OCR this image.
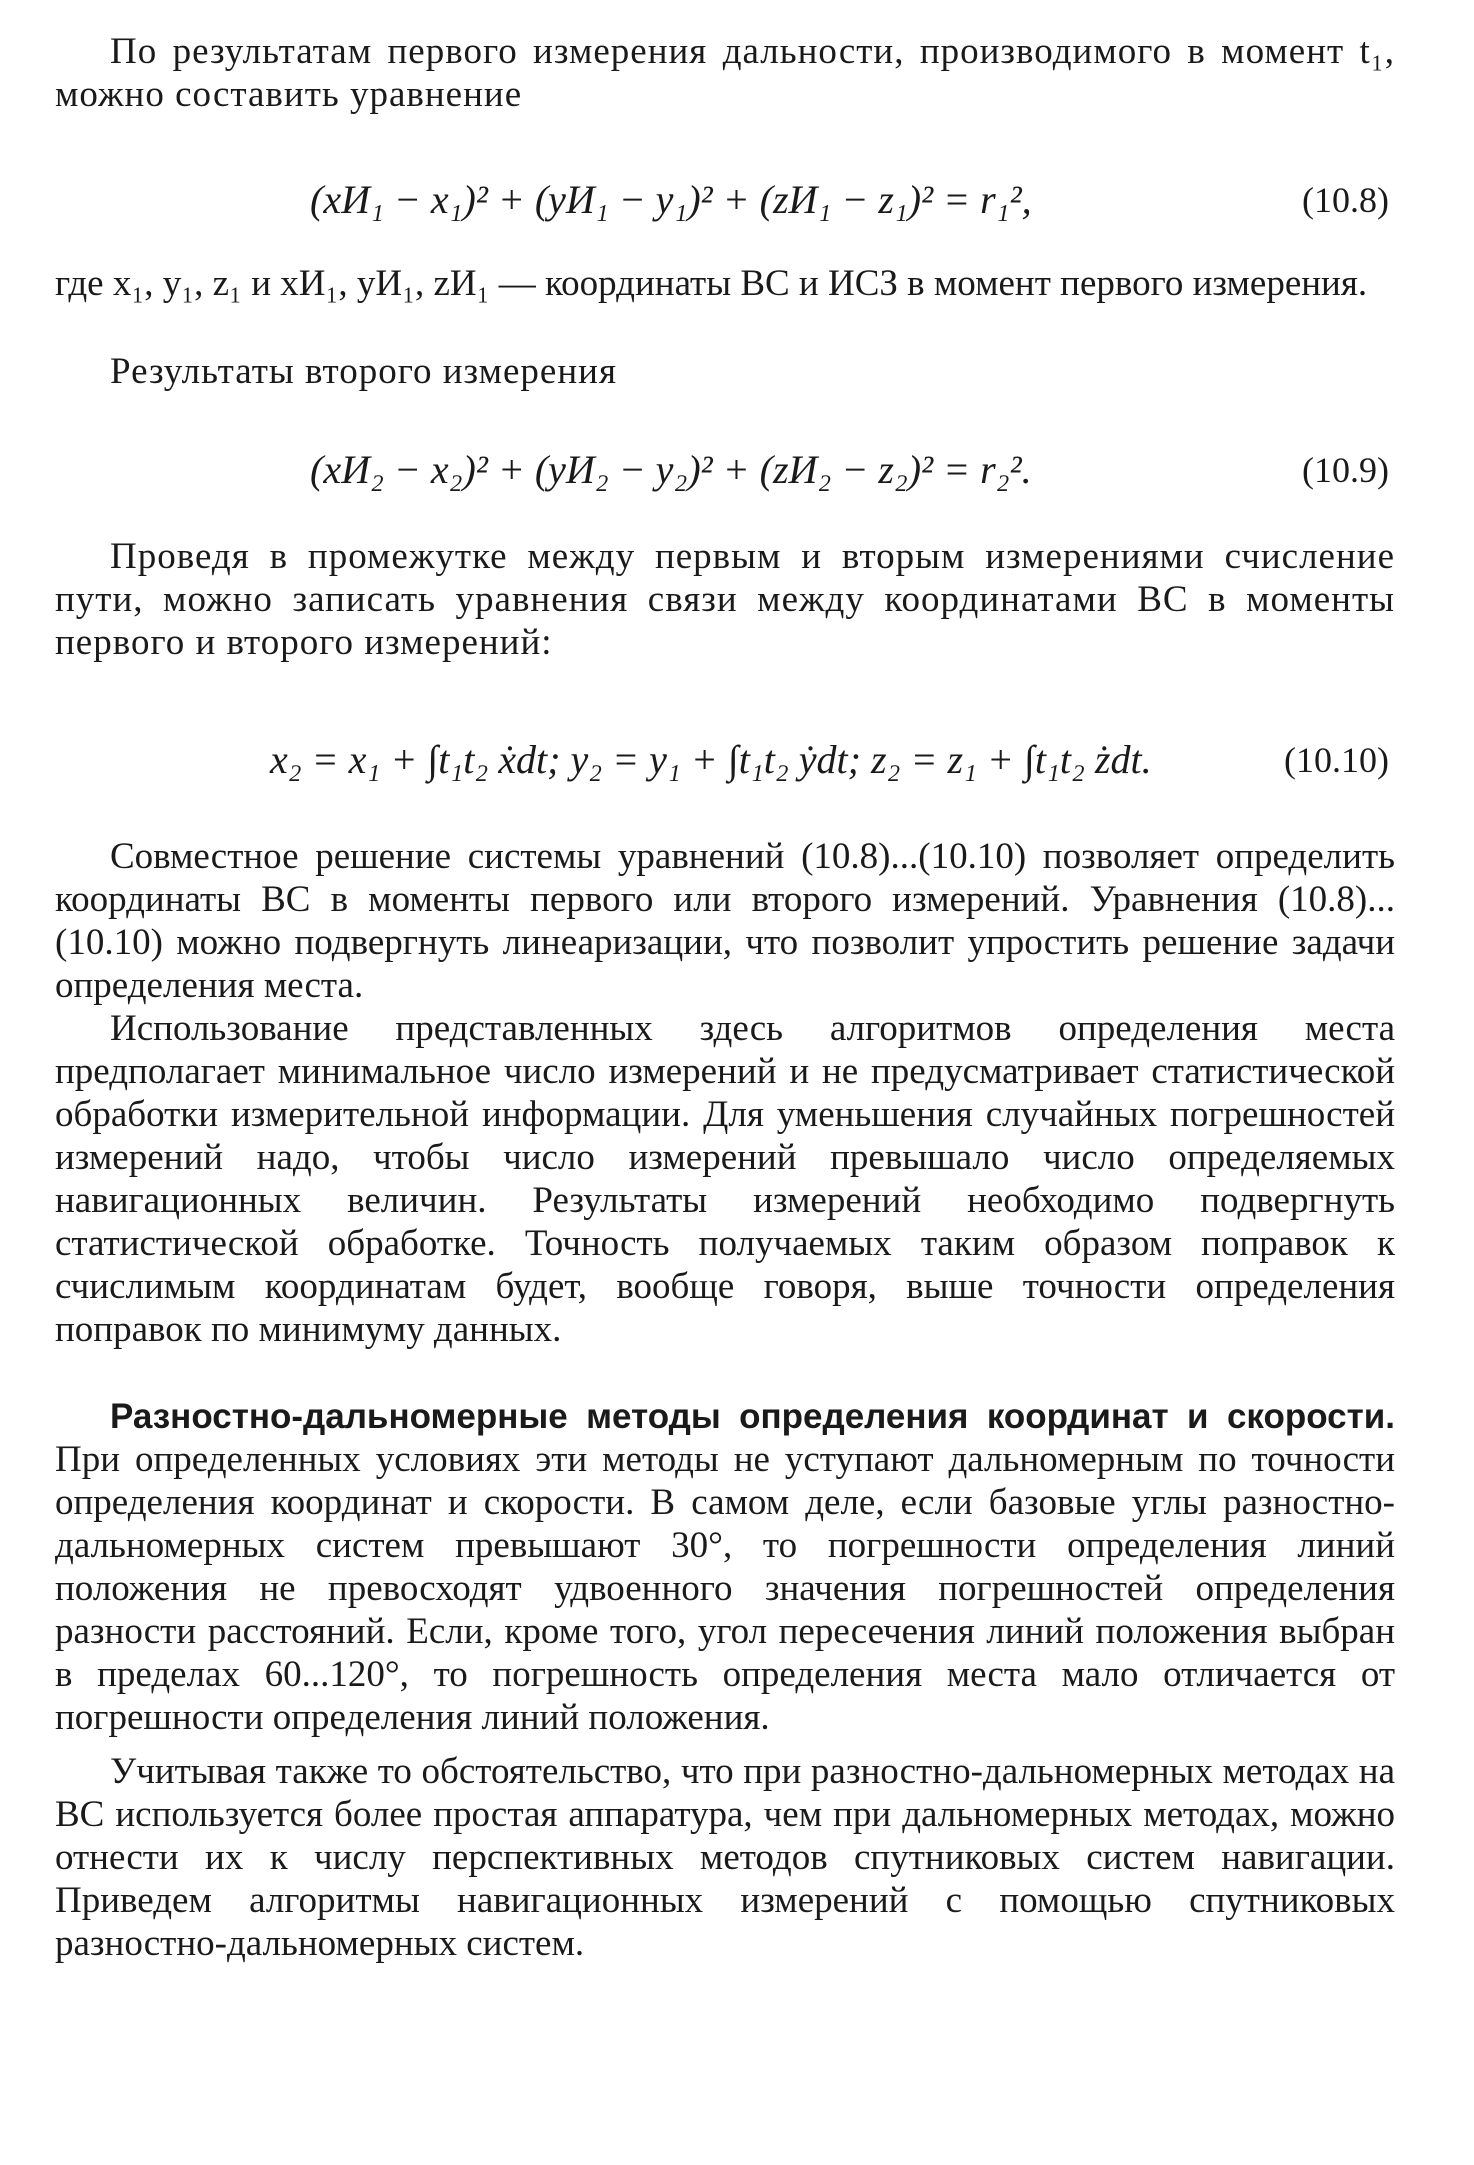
По результатам первого измерения дальности, производимого в момент t₁, можно составить уравнение

(xИ₁ − x₁)² + (yИ₁ − y₁)² + (zИ₁ − z₁)² = r₁²,	(10.8)

где x₁, y₁, z₁ и xИ₁, yИ₁, zИ₁ — координаты ВС и ИСЗ в момент первого измерения.

Результаты второго измерения

(xИ₂ − x₂)² + (yИ₂ − y₂)² + (zИ₂ − z₂)² = r₂².	(10.9)

Проведя в промежутке между первым и вторым измерениями счисление пути, можно записать уравнения связи между координатами ВС в моменты первого и второго измерений:

x₂ = x₁ + ∫t₁t₂ ẋdt; y₂ = y₁ + ∫t₁t₂ ẏdt; z₂ = z₁ + ∫t₁t₂ żdt.	(10.10)

Совместное решение системы уравнений (10.8)...(10.10) позволяет определить координаты ВС в моменты первого или второго измерений. Уравнения (10.8)...(10.10) можно подвергнуть линеаризации, что позволит упростить решение задачи определения места.

Использование представленных здесь алгоритмов определения места предполагает минимальное число измерений и не предусматривает статистической обработки измерительной информации. Для уменьшения случайных погрешностей измерений надо, чтобы число измерений превышало число определяемых навигационных величин. Результаты измерений необходимо подвергнуть статистической обработке. Точность получаемых таким образом поправок к счислимым координатам будет, вообще говоря, выше точности определения поправок по минимуму данных.

Разностно-дальномерные методы определения координат и скорости. При определенных условиях эти методы не уступают дальномерным по точности определения координат и скорости. В самом деле, если базовые углы разностно-дальномерных систем превышают 30°, то погрешности определения линий положения не превосходят удвоенного значения погрешностей определения разности расстояний. Если, кроме того, угол пересечения линий положения выбран в пределах 60...120°, то погрешность определения места мало отличается от погрешности определения линий положения.

Учитывая также то обстоятельство, что при разностно-дальномерных методах на ВС используется более простая аппаратура, чем при дальномерных методах, можно отнести их к числу перспективных методов спутниковых систем навигации. Приведем алгоритмы навигационных измерений с помощью спутниковых разностно-дальномерных систем.
